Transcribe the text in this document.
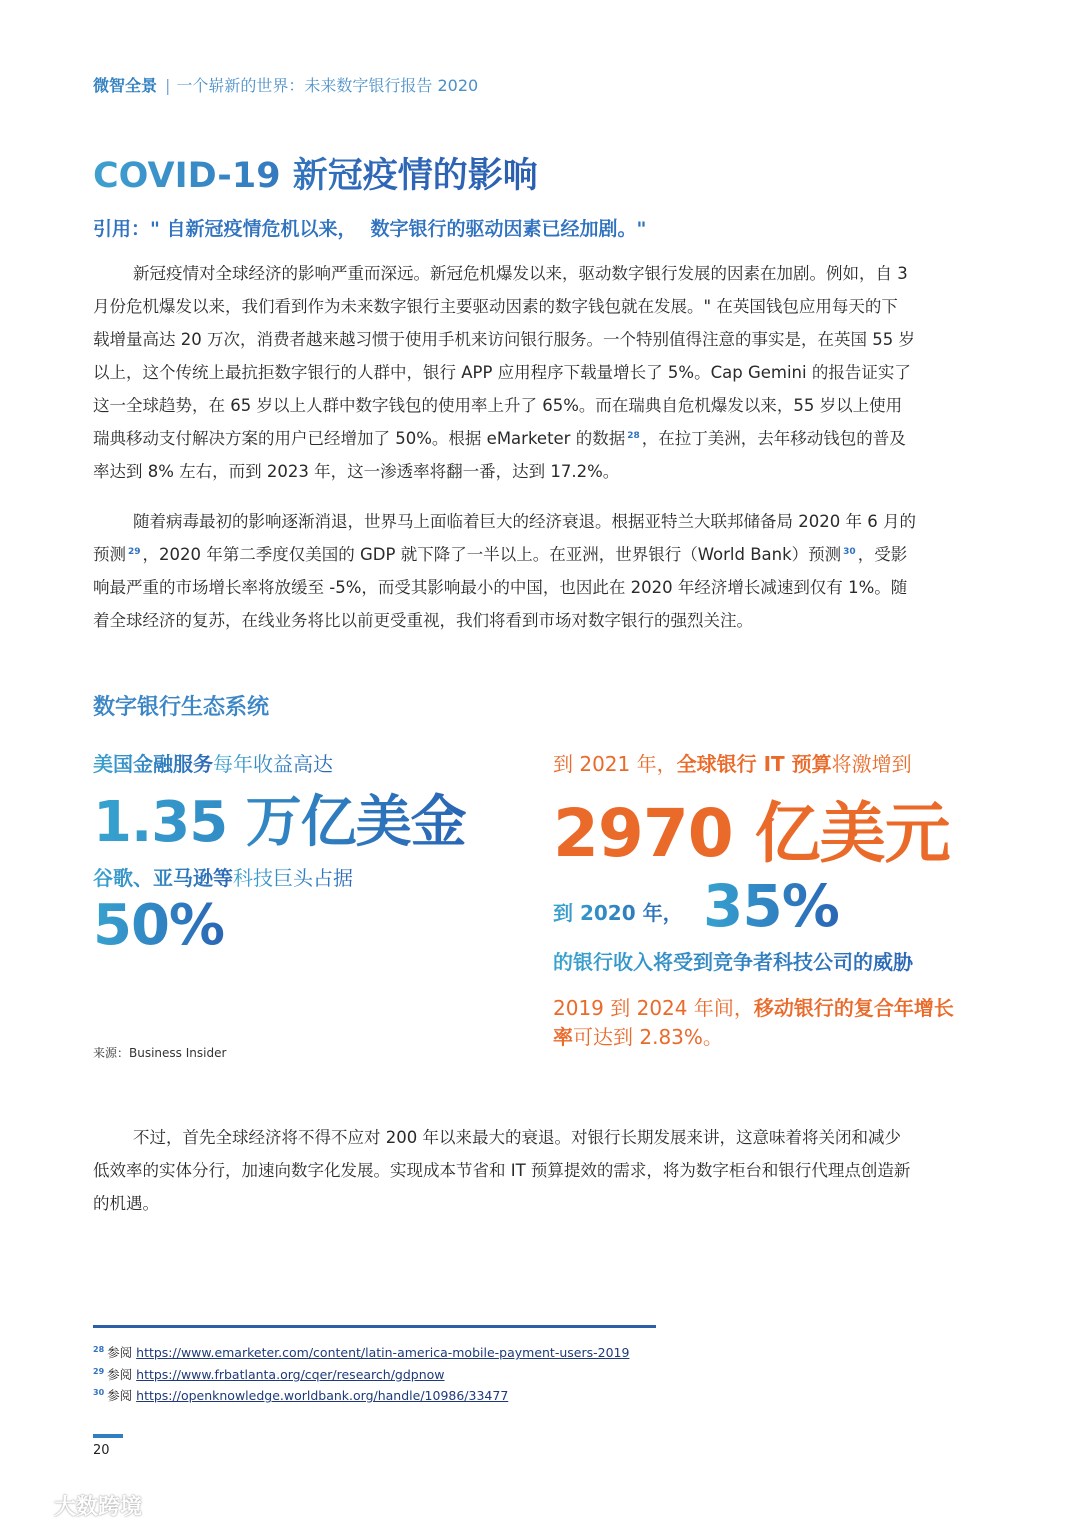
微智全景 | 一个崭新的世界：未来数字银行报告 2020
COVID-19 新冠疫情的影响
引用：" 自新冠疫情危机以来， 数字银行的驱动因素已经加剧。"
新冠疫情对全球经济的影响严重而深远。新冠危机爆发以来，驱动数字银行发展的因素在加剧。例如，自 3
月份危机爆发以来，我们看到作为未来数字银行主要驱动因素的数字钱包就在发展。" 在英国钱包应用每天的下
载增量高达 20 万次，消费者越来越习惯于使用手机来访问银行服务。一个特别值得注意的事实是，在英国 55 岁
以上，这个传统上最抗拒数字银行的人群中，银行 APP 应用程序下载量增长了 5%。Cap Gemini 的报告证实了
这一全球趋势，在 65 岁以上人群中数字钱包的使用率上升了 65%。而在瑞典自危机爆发以来，55 岁以上使用
瑞典移动支付解决方案的用户已经增加了 50%。根据 eMarketer 的数据 $^{28}$ ，在拉丁美洲，去年移动钱包的普及
率达到 8% 左右，而到 2023 年，这一渗透率将翻一番，达到 17.2%。
随着病毒最初的影响逐渐消退，世界马上面临着巨大的经济衰退。根据亚特兰大联邦储备局 2020 年 6 月的
预测 $^{29}$ ，2020 年第二季度仅美国的 GDP 就下降了一半以上。在亚洲，世界银行（World Bank）预测 $^{30}$ ，受影
响最严重的市场增长率将放缓至 -5%，而受其影响最小的中国，也因此在 2020 年经济增长减速到仅有 1%。随
着全球经济的复苏，在线业务将比以前更受重视，我们将看到市场对数字银行的强烈关注。
数字银行生态系统
美国金融服务每年收益高达
1.35 万亿美金
谷歌、亚马逊等科技巨头占据
50%
到 2021 年，全球银行 IT 预算将激增到
2970 亿美元
到 2020 年， 35%
的银行收入将受到竞争者科技公司的威胁
2019 到 2024 年间，移动银行的复合年增长
率可达到 2.83%。
来源：Business Insider
不过，首先全球经济将不得不应对 200 年以来最大的衰退。对银行长期发展来讲，这意味着将关闭和减少
低效率的实体分行，加速向数字化发展。实现成本节省和 IT 预算提效的需求，将为数字柜台和银行代理点创造新
的机遇。
$^{28}$ 参阅 https://www.emarketer.com/content/latin-america-mobile-payment-users-2019
$^{29}$ 参阅 https://www.frbatlanta.org/cqer/research/gdpnow
$^{30}$ 参阅 https://openknowledge.worldbank.org/handle/10986/33477
20
大数跨境
